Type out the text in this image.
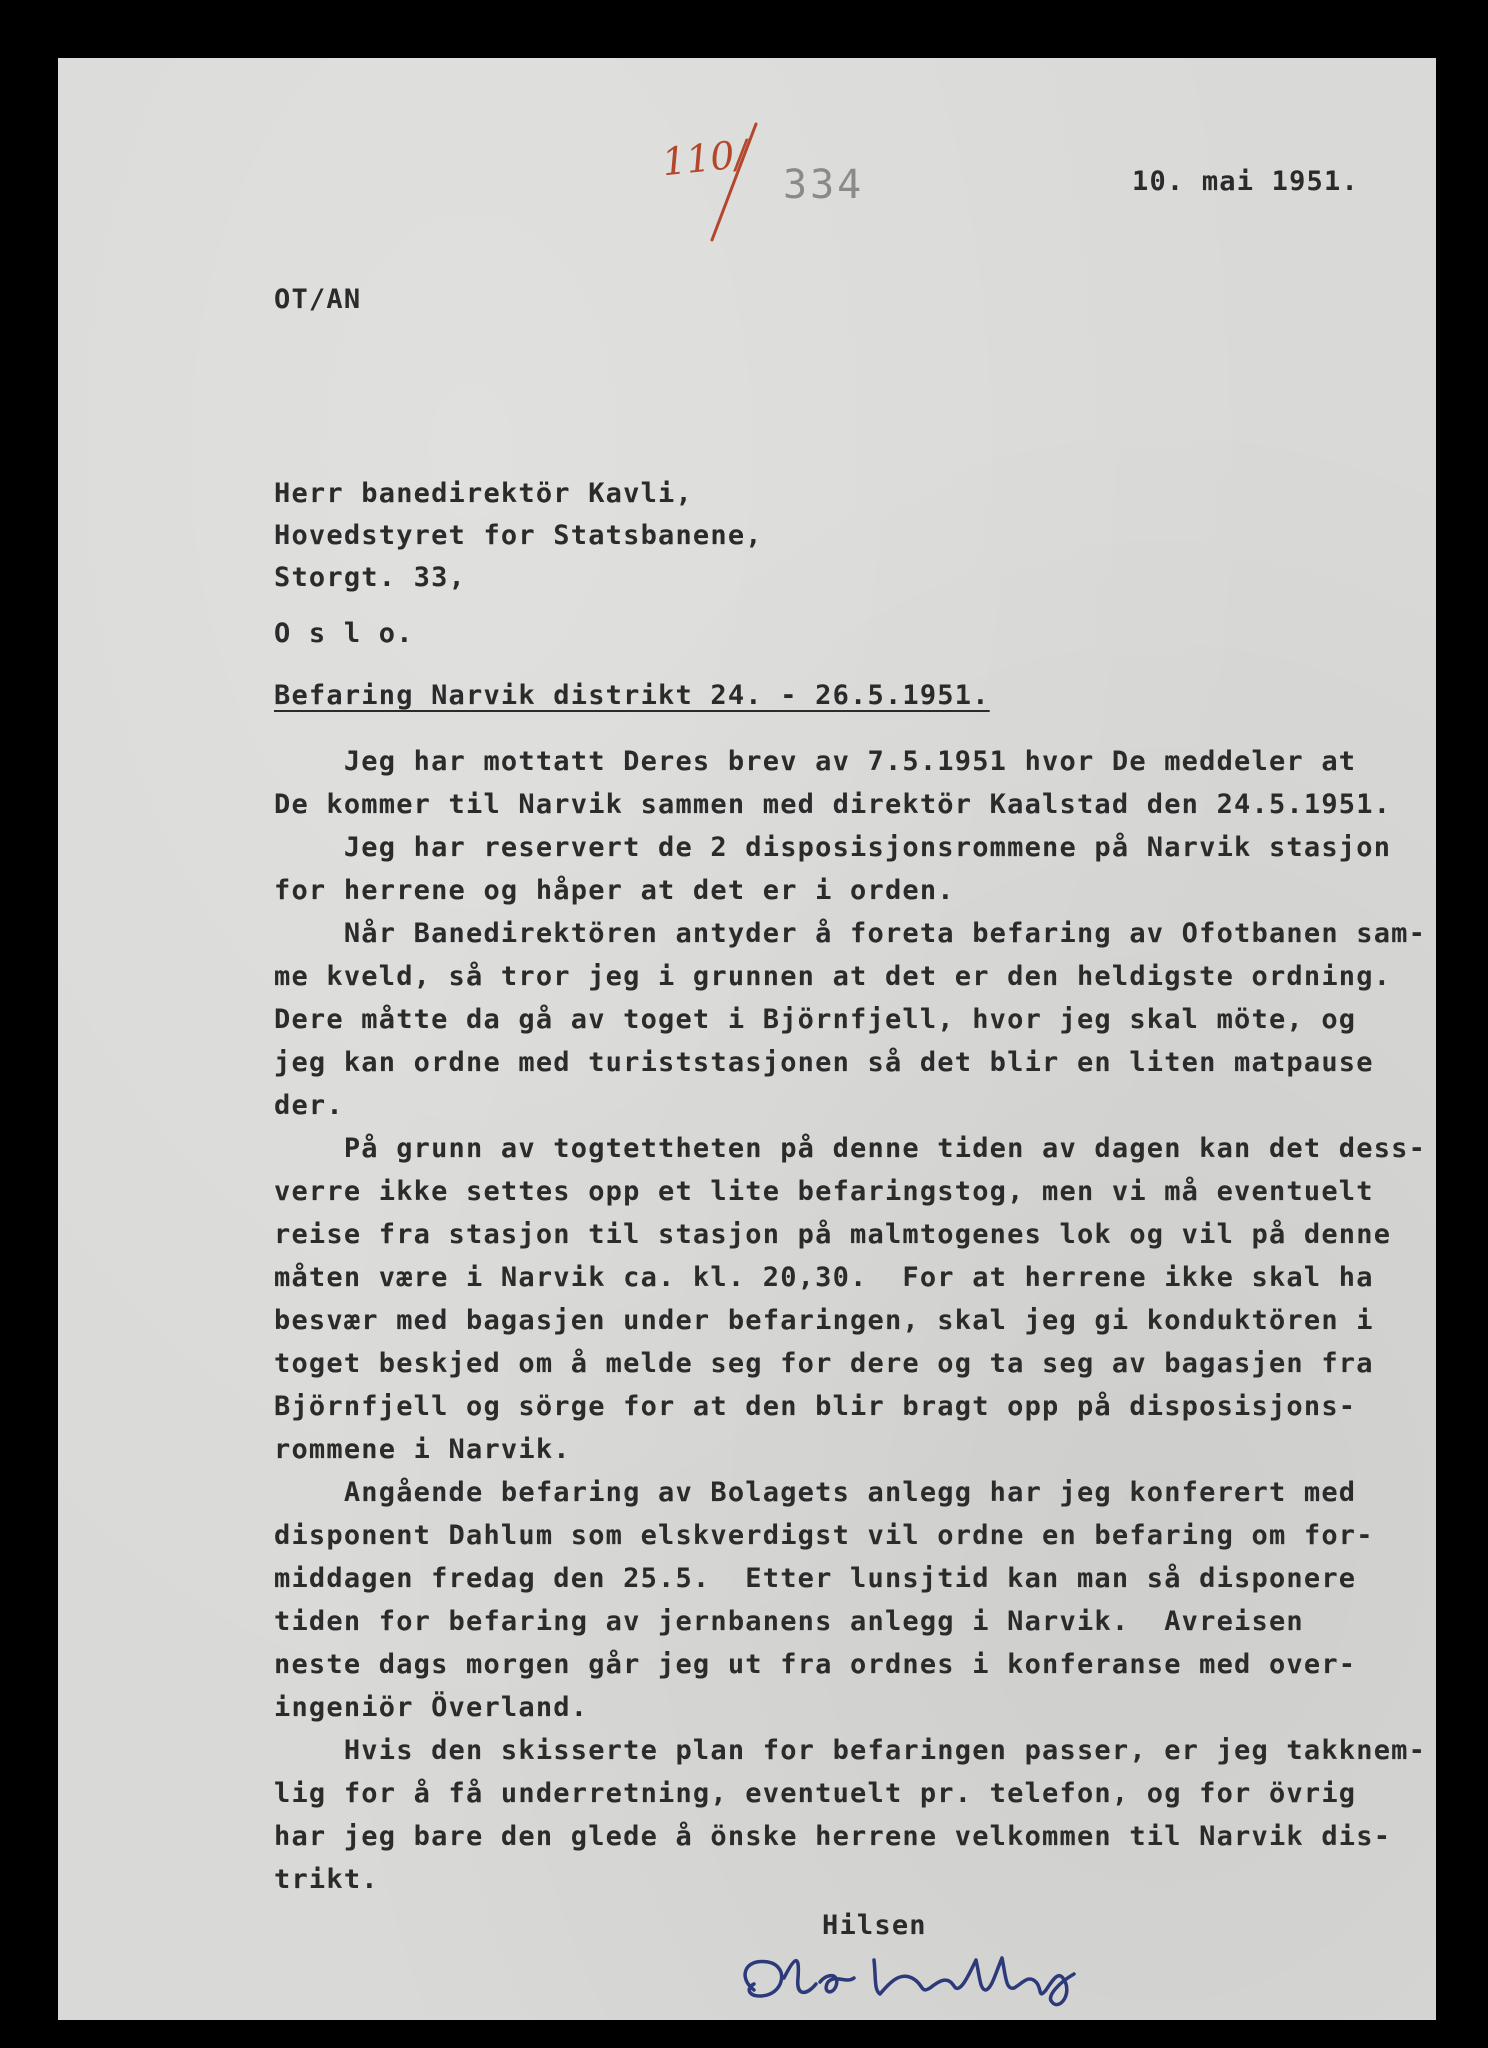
110/
334	10. mai 1951.
OT/AN
Herr banedirektör Kavli,
Hovedstyret for Statsbanene,
Storgt. 33,
O s l o.
Befaring Narvik distrikt 24. - 26.5.1951.
Jeg har mottatt Deres brev av 7.5.1951 hvor De meddeler at
De kommer til Narvik sammen med direktör Kaalstad den 24.5.1951.
Jeg har reservert de 2 disposisjonsrommene på Narvik stasjon
for herrene og håper at det er i orden.
Når Banedirektören antyder å foreta befaring av Ofotbanen sam-
me kveld, så tror jeg i grunnen at det er den heldigste ordning.
Dere måtte da gå av toget i Björnfjell, hvor jeg skal möte, og
jeg kan ordne med turiststasjonen så det blir en liten matpause
der.
På grunn av togtettheten på denne tiden av dagen kan det dess-
verre ikke settes opp et lite befaringstog, men vi må eventuelt
reise fra stasjon til stasjon på malmtogenes lok og vil på denne
måten være i Narvik ca. kl. 20,30.  For at herrene ikke skal ha
besvær med bagasjen under befaringen, skal jeg gi konduktören i
toget beskjed om å melde seg for dere og ta seg av bagasjen fra
Björnfjell og sörge for at den blir bragt opp på disposisjons-
rommene i Narvik.
Angående befaring av Bolagets anlegg har jeg konferert med
disponent Dahlum som elskverdigst vil ordne en befaring om for-
middagen fredag den 25.5.  Etter lunsjtid kan man så disponere
tiden for befaring av jernbanens anlegg i Narvik.  Avreisen
neste dags morgen går jeg ut fra ordnes i konferanse med over-
ingeniör Överland.
Hvis den skisserte plan for befaringen passer, er jeg takknem-
lig for å få underretning, eventuelt pr. telefon, og for övrig
har jeg bare den glede å önske herrene velkommen til Narvik dis-
trikt.
Hilsen
